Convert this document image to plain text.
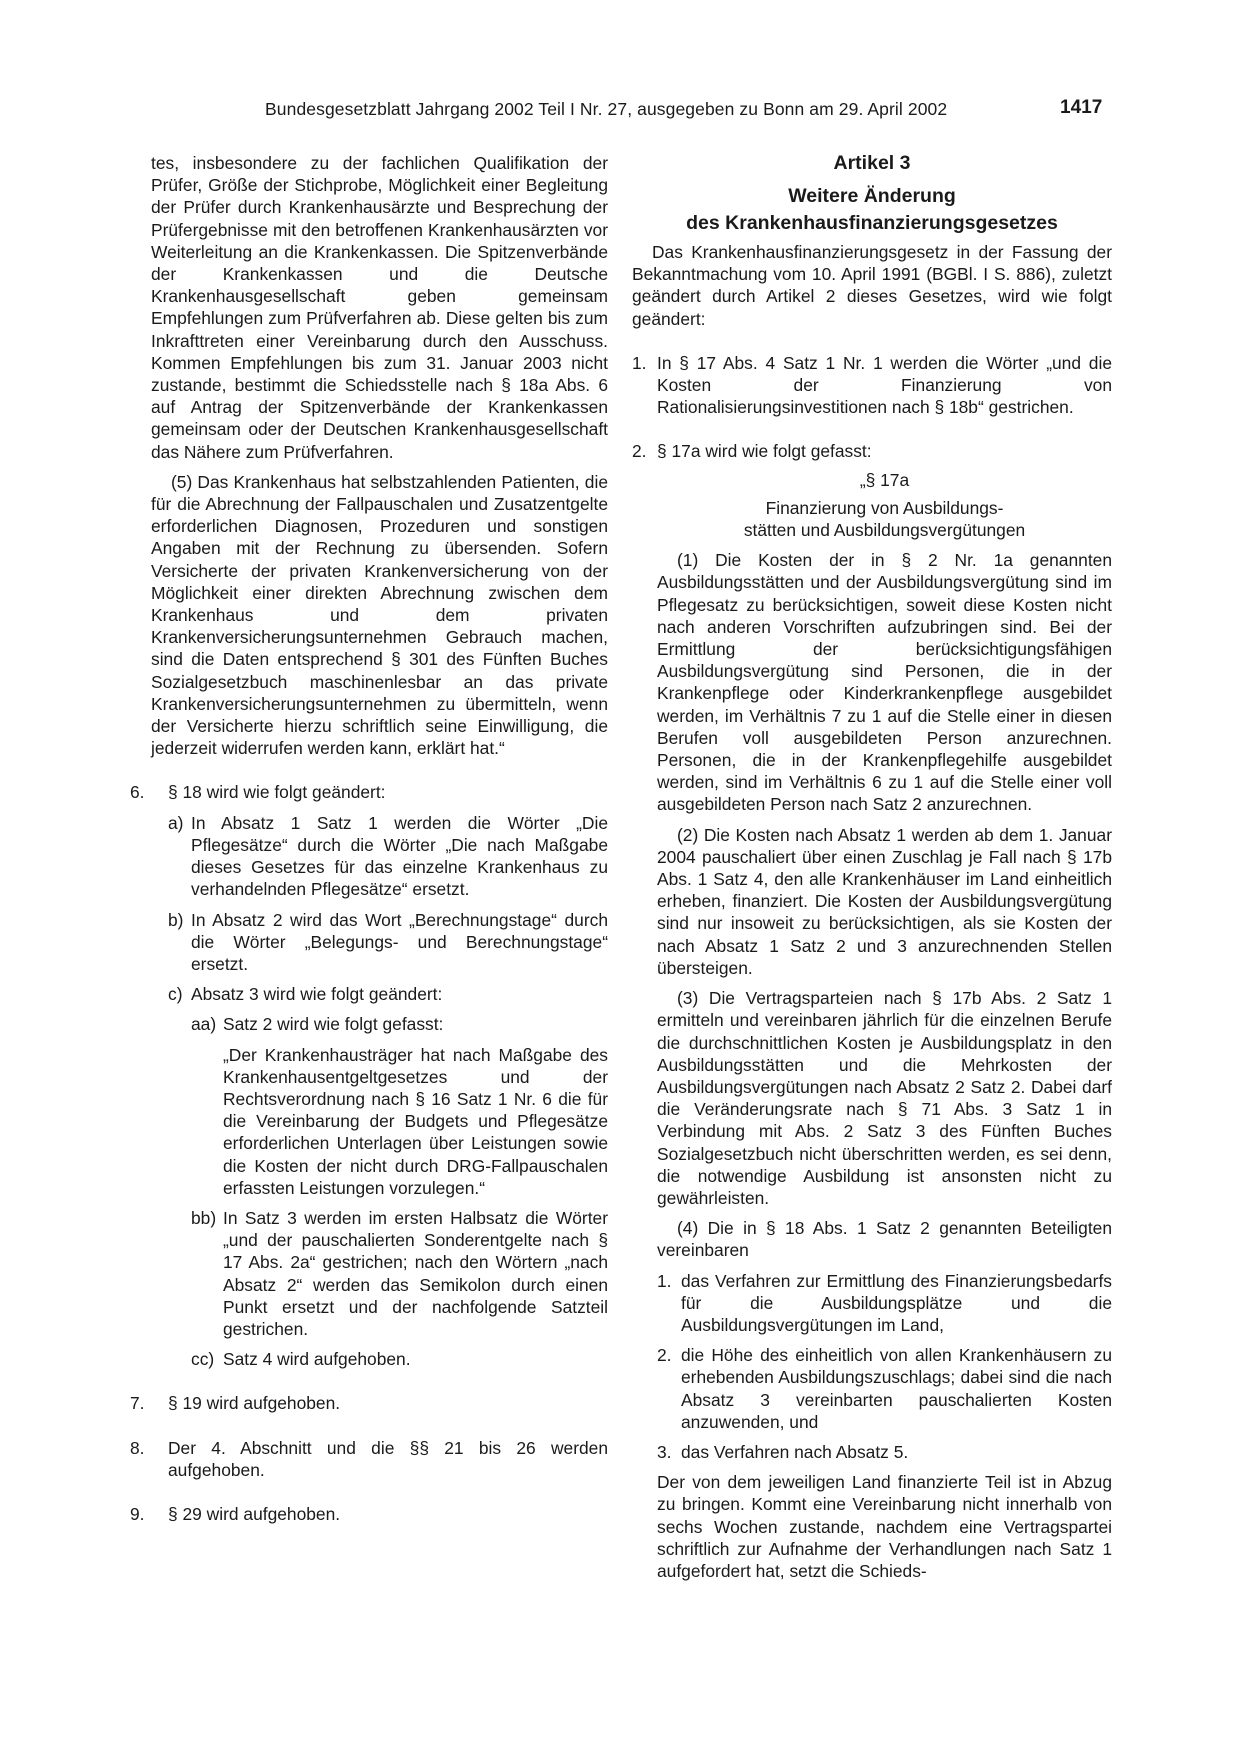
Bundesgesetzblatt Jahrgang 2002 Teil I Nr. 27, ausgegeben zu Bonn am 29. April 2002	1417

tes, insbesondere zu der fachlichen Qualifikation der Prüfer, Größe der Stichprobe, Möglichkeit einer Begleitung der Prüfer durch Krankenhausärzte und Besprechung der Prüfergebnisse mit den betroffenen Krankenhausärzten vor Weiterleitung an die Krankenkassen. Die Spitzenverbände der Krankenkassen und die Deutsche Krankenhausgesellschaft geben gemeinsam Empfehlungen zum Prüfverfahren ab. Diese gelten bis zum Inkrafttreten einer Vereinbarung durch den Ausschuss. Kommen Empfehlungen bis zum 31. Januar 2003 nicht zustande, bestimmt die Schiedsstelle nach § 18a Abs. 6 auf Antrag der Spitzenverbände der Krankenkassen gemeinsam oder der Deutschen Krankenhausgesellschaft das Nähere zum Prüfverfahren.

(5) Das Krankenhaus hat selbstzahlenden Patienten, die für die Abrechnung der Fallpauschalen und Zusatzentgelte erforderlichen Diagnosen, Prozeduren und sonstigen Angaben mit der Rechnung zu übersenden. Sofern Versicherte der privaten Krankenversicherung von der Möglichkeit einer direkten Abrechnung zwischen dem Krankenhaus und dem privaten Krankenversicherungsunternehmen Gebrauch machen, sind die Daten entsprechend § 301 des Fünften Buches Sozialgesetzbuch maschinenlesbar an das private Krankenversicherungsunternehmen zu übermitteln, wenn der Versicherte hierzu schriftlich seine Einwilligung, die jederzeit widerrufen werden kann, erklärt hat.“

6. § 18 wird wie folgt geändert:

a) In Absatz 1 Satz 1 werden die Wörter „Die Pflegesätze“ durch die Wörter „Die nach Maßgabe dieses Gesetzes für das einzelne Krankenhaus zu verhandelnden Pflegesätze“ ersetzt.

b) In Absatz 2 wird das Wort „Berechnungstage“ durch die Wörter „Belegungs- und Berechnungstage“ ersetzt.

c) Absatz 3 wird wie folgt geändert:

aa) Satz 2 wird wie folgt gefasst:

„Der Krankenhausträger hat nach Maßgabe des Krankenhausentgeltgesetzes und der Rechtsverordnung nach § 16 Satz 1 Nr. 6 die für die Vereinbarung der Budgets und Pflegesätze erforderlichen Unterlagen über Leistungen sowie die Kosten der nicht durch DRG-Fallpauschalen erfassten Leistungen vorzulegen.“

bb) In Satz 3 werden im ersten Halbsatz die Wörter „und der pauschalierten Sonderentgelte nach § 17 Abs. 2a“ gestrichen; nach den Wörtern „nach Absatz 2“ werden das Semikolon durch einen Punkt ersetzt und der nachfolgende Satzteil gestrichen.

cc) Satz 4 wird aufgehoben.

7. § 19 wird aufgehoben.

8. Der 4. Abschnitt und die §§ 21 bis 26 werden aufgehoben.

9. § 29 wird aufgehoben.

Artikel 3
Weitere Änderung
des Krankenhausfinanzierungsgesetzes

Das Krankenhausfinanzierungsgesetz in der Fassung der Bekanntmachung vom 10. April 1991 (BGBl. I S. 886), zuletzt geändert durch Artikel 2 dieses Gesetzes, wird wie folgt geändert:

1. In § 17 Abs. 4 Satz 1 Nr. 1 werden die Wörter „und die Kosten der Finanzierung von Rationalisierungsinvestitionen nach § 18b“ gestrichen.

2. § 17a wird wie folgt gefasst:

„§ 17a
Finanzierung von Ausbildungs-
stätten und Ausbildungsvergütungen

(1) Die Kosten der in § 2 Nr. 1a genannten Ausbildungsstätten und der Ausbildungsvergütung sind im Pflegesatz zu berücksichtigen, soweit diese Kosten nicht nach anderen Vorschriften aufzubringen sind. Bei der Ermittlung der berücksichtigungsfähigen Ausbildungsvergütung sind Personen, die in der Krankenpflege oder Kinderkrankenpflege ausgebildet werden, im Verhältnis 7 zu 1 auf die Stelle einer in diesen Berufen voll ausgebildeten Person anzurechnen. Personen, die in der Krankenpflegehilfe ausgebildet werden, sind im Verhältnis 6 zu 1 auf die Stelle einer voll ausgebildeten Person nach Satz 2 anzurechnen.

(2) Die Kosten nach Absatz 1 werden ab dem 1. Januar 2004 pauschaliert über einen Zuschlag je Fall nach § 17b Abs. 1 Satz 4, den alle Krankenhäuser im Land einheitlich erheben, finanziert. Die Kosten der Ausbildungsvergütung sind nur insoweit zu berücksichtigen, als sie Kosten der nach Absatz 1 Satz 2 und 3 anzurechnenden Stellen übersteigen.

(3) Die Vertragsparteien nach § 17b Abs. 2 Satz 1 ermitteln und vereinbaren jährlich für die einzelnen Berufe die durchschnittlichen Kosten je Ausbildungsplatz in den Ausbildungsstätten und die Mehrkosten der Ausbildungsvergütungen nach Absatz 2 Satz 2. Dabei darf die Veränderungsrate nach § 71 Abs. 3 Satz 1 in Verbindung mit Abs. 2 Satz 3 des Fünften Buches Sozialgesetzbuch nicht überschritten werden, es sei denn, die notwendige Ausbildung ist ansonsten nicht zu gewährleisten.

(4) Die in § 18 Abs. 1 Satz 2 genannten Beteiligten vereinbaren

1. das Verfahren zur Ermittlung des Finanzierungsbedarfs für die Ausbildungsplätze und die Ausbildungsvergütungen im Land,

2. die Höhe des einheitlich von allen Krankenhäusern zu erhebenden Ausbildungszuschlags; dabei sind die nach Absatz 3 vereinbarten pauschalierten Kosten anzuwenden, und

3. das Verfahren nach Absatz 5.

Der von dem jeweiligen Land finanzierte Teil ist in Abzug zu bringen. Kommt eine Vereinbarung nicht innerhalb von sechs Wochen zustande, nachdem eine Vertragspartei schriftlich zur Aufnahme der Verhandlungen nach Satz 1 aufgefordert hat, setzt die Schieds-
